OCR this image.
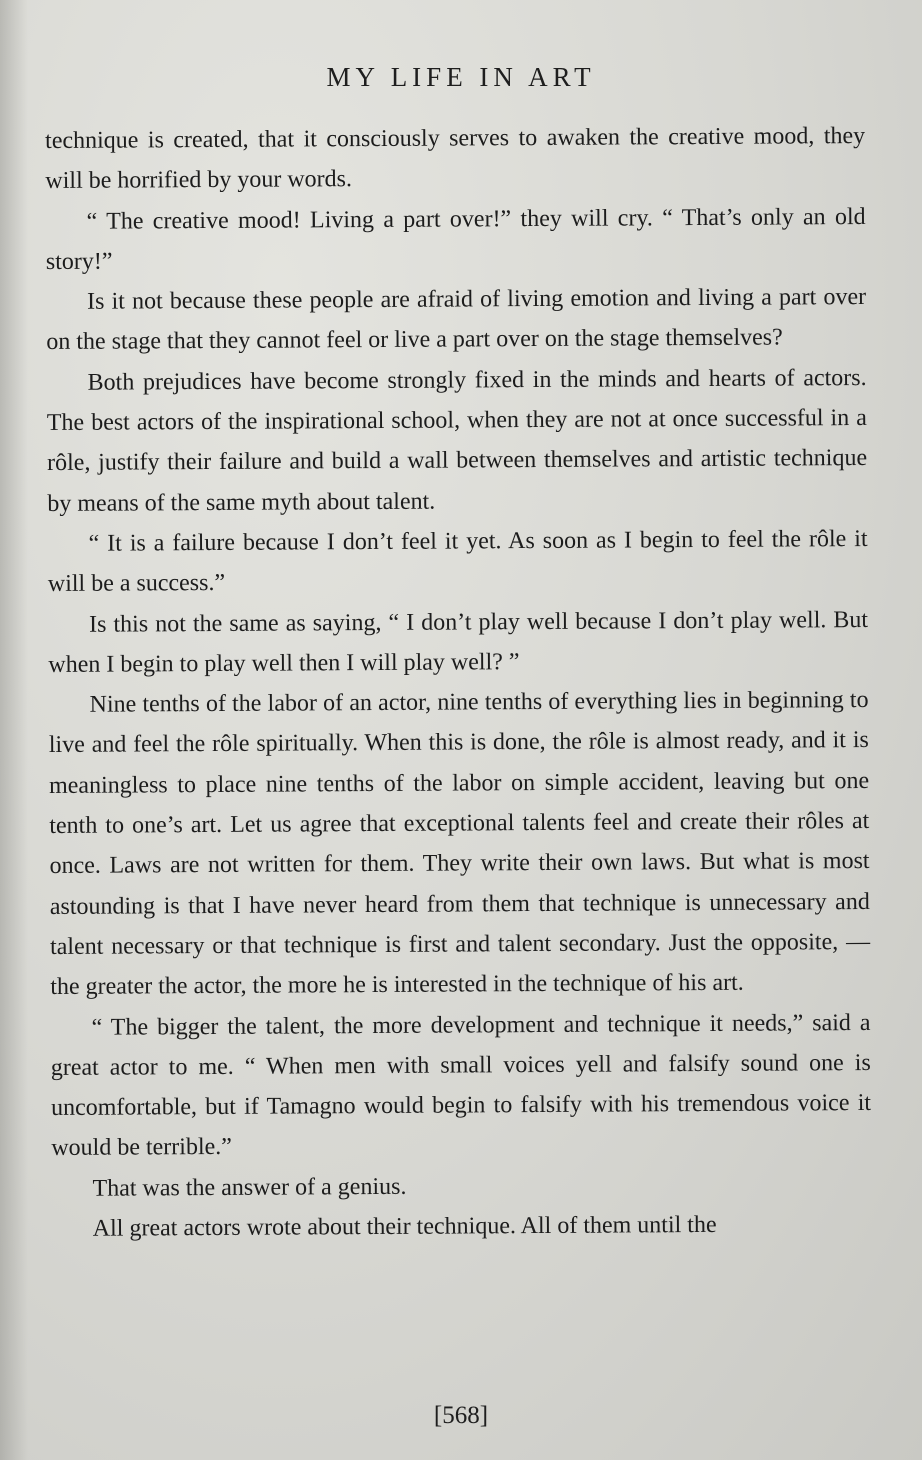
MY LIFE IN ART

technique is created, that it consciously serves to awaken the creative mood, they will be horrified by your words.

“ The creative mood! Living a part over!” they will cry. “ That’s only an old story!”

Is it not because these people are afraid of living emotion and living a part over on the stage that they cannot feel or live a part over on the stage themselves?

Both prejudices have become strongly fixed in the minds and hearts of actors. The best actors of the inspirational school, when they are not at once successful in a rôle, justify their failure and build a wall between themselves and artistic technique by means of the same myth about talent.

“ It is a failure because I don’t feel it yet. As soon as I begin to feel the rôle it will be a success.”

Is this not the same as saying, “ I don’t play well because I don’t play well. But when I begin to play well then I will play well? ”

Nine tenths of the labor of an actor, nine tenths of everything lies in beginning to live and feel the rôle spiritually. When this is done, the rôle is almost ready, and it is meaningless to place nine tenths of the labor on simple accident, leaving but one tenth to one’s art. Let us agree that exceptional talents feel and create their rôles at once. Laws are not written for them. They write their own laws. But what is most astounding is that I have never heard from them that technique is unnecessary and talent necessary or that technique is first and talent secondary. Just the opposite, — the greater the actor, the more he is interested in the technique of his art.

“ The bigger the talent, the more development and technique it needs,” said a great actor to me. “ When men with small voices yell and falsify sound one is uncomfortable, but if Tamagno would begin to falsify with his tremendous voice it would be terrible.”

That was the answer of a genius.

All great actors wrote about their technique. All of them until the

[568]
